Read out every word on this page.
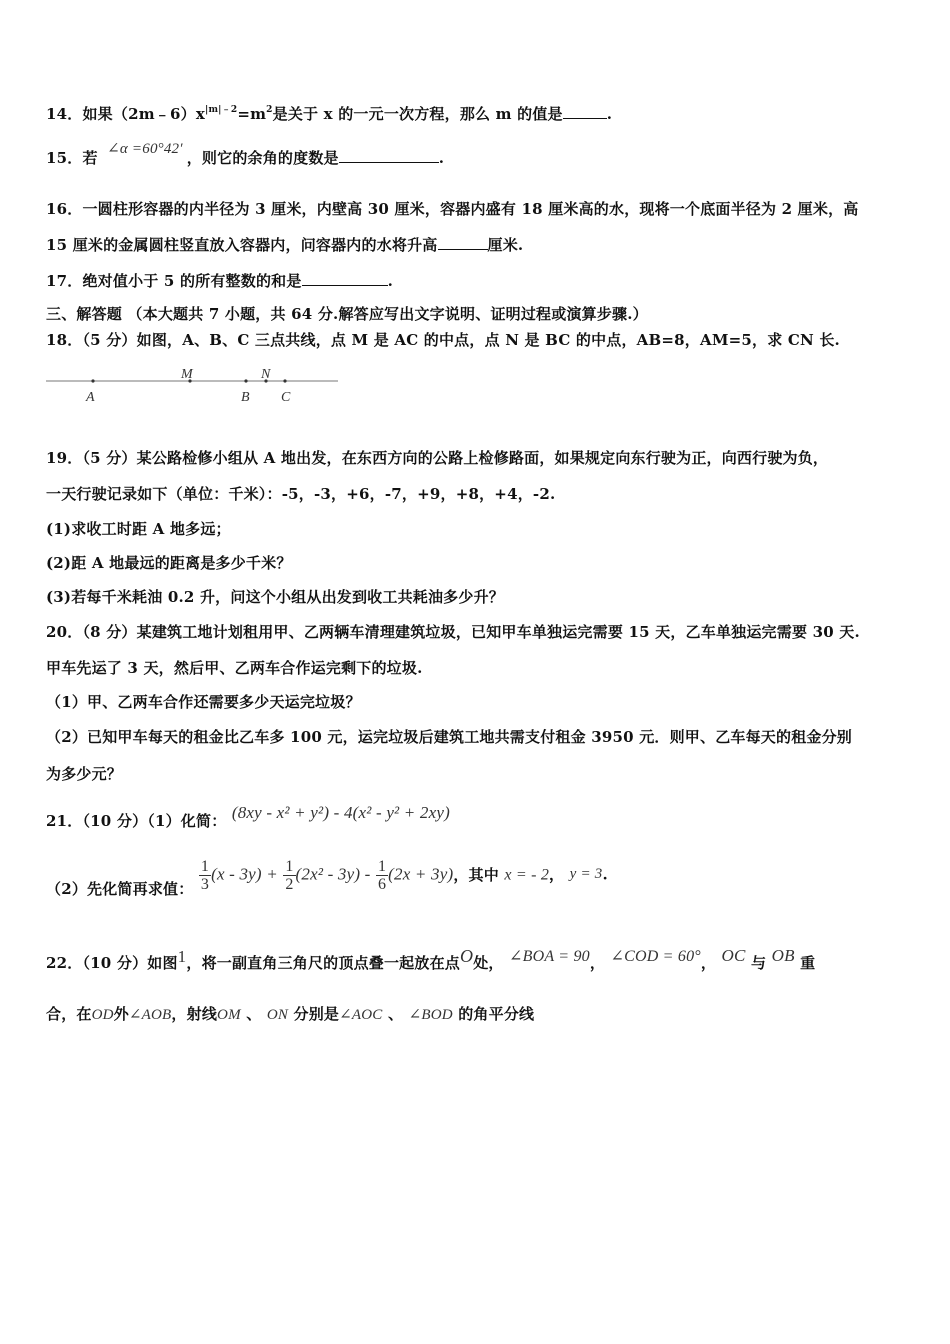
14．如果$(2m﹣6)x^{|m|﹣2}=m^2$是关于 x 的一元一次方程，那么 m 的值是	.
15．若 ∠α =60°42′ ，则它的余角的度数是	.
16．一圆柱形容器的内半径为 3 厘米，内壁高 30 厘米，容器内盛有 18 厘米高的水，现将一个底面半径为 2 厘米，高
15 厘米的金属圆柱竖直放入容器内，问容器内的水将升高	厘米.
17．绝对值小于 5 的所有整数的和是	.
三、解答题 （本大题共 7 小题，共 64 分.解答应写出文字说明、证明过程或演算步骤.）
18．（5 分）如图，A、B、C 三点共线，点 M 是 AC 的中点，点 N 是 BC 的中点，AB=8，AM=5，求 CN 长.
A
M
B
N
C
19．（5 分）某公路检修小组从 A 地出发，在东西方向的公路上检修路面，如果规定向东行驶为正，向西行驶为负，
一天行驶记录如下（单位：千米）：-5，-3，+6，-7，+9，+8，+4，-2.
(1)求收工时距 A 地多远；
(2)距 A 地最远的距离是多少千米？
(3)若每千米耗油 0.2 升，问这个小组从出发到收工共耗油多少升？
20．（8 分）某建筑工地计划租用甲、乙两辆车清理建筑垃圾，已知甲车单独运完需要 15 天，乙车单独运完需要 30 天.
甲车先运了 3 天，然后甲、乙两车合作运完剩下的垃圾.
（1）甲、乙两车合作还需要多少天运完垃圾？
（2）已知甲车每天的租金比乙车多 100 元，运完垃圾后建筑工地共需支付租金 3950 元．则甲、乙车每天的租金分别
为多少元？
21．（10 分）（1）化简： (8xy - x² + y²) - 4(x² - y² + 2xy)
（2）先化简再求值： $\frac{1}{3} (x - 3y) + \frac{1}{2} (2x^2 - 3y) - \frac{1}{6} (2x + 3y)$，其中 x = - 2， y = 3.
22．（10 分）如图1，将一副直角三角尺的顶点叠一起放在点O处， ∠BOA = 90， ∠COD = 60°， OC 与 OB 重
合，在OD外∠AOB，射线OM 、 ON 分别是∠AOC 、 ∠BOD 的角平分线
